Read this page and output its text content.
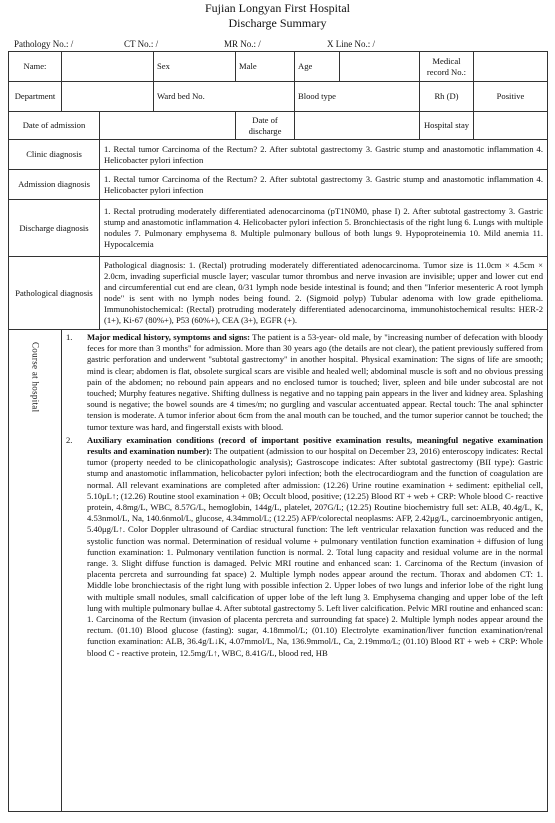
Fujian Longyan First Hospital
Discharge Summary
Pathology No.: /	CT No.: /	MR No.: /	X Line No.: /
Name:			Sex	Male	Age		Medical record No.:	
Department			Ward bed No.		Blood type		Rh (D)	Positive
Date of admission				Date of discharge			Hospital stay	
Clinic diagnosis		1. Rectal tumor Carcinoma of the Rectum? 2. After subtotal gastrectomy 3. Gastric stump and anastomotic inflammation 4. Helicobacter pylori infection						
Admission diagnosis		1. Rectal tumor Carcinoma of the Rectum? 2. After subtotal gastrectomy 3. Gastric stump and anastomotic inflammation 4. Helicobacter pylori infection						
Discharge diagnosis		1. Rectal protruding moderately differentiated adenocarcinoma (pT1N0M0, phase I) 2. After subtotal gastrectomy 3. Gastric stump and anastomotic inflammation 4. Helicobacter pylori infection 5. Bronchiectasis of the right lung 6. Lungs with multiple nodules 7. Pulmonary emphysema 8. Multiple pulmonary bullous of both lungs 9. Hypoproteinemia 10. Mild anemia 11. Hypocalcemia						
Pathological diagnosis		Pathological diagnosis: 1. (Rectal) protruding moderately differentiated adenocarcinoma. Tumor size is 11.0cm × 4.5cm × 2.0cm, invading superficial muscle layer; vascular tumor thrombus and nerve invasion are invisible; upper and lower cut end and circumferential cut end are clean, 0/31 lymph node beside intestinal is found; and then "Inferior mesenteric A root lymph node" is sent with no lymph nodes being found. 2. (Sigmoid polyp) Tubular adenoma with low grade epithelioma. Immunohistochemical: (Rectal) protruding moderately differentiated adenocarcinoma, immunohistochemical results: HER-2 (1+), Ki-67 (80%+), P53 (60%+), CEA (3+), EGFR (+).						

Course at hospital	1. Major medical history, symptoms and signs: The patient is a 53-year- old male, by "increasing number of defecation with bloody feces for more than 3 months" for admission. More than 30 years ago (the details are not clear), the patient previously suffered from gastric perforation and underwent "subtotal gastrectomy" in another hospital. Physical examination: The signs of life are smooth; mind is clear; abdomen is flat, obsolete surgical scars are visible and healed well; abdominal muscle is soft and no obvious pressing pain of the abdomen; no rebound pain appears and no enclosed tumor is touched; liver, spleen and bile under subcostal are not touched; Murphy features negative. Shifting dullness is negative and no tapping pain appears in the liver and kidney area. Splashing sound is negative; the bowel sounds are 4 times/m; no gurgling and vascular accentuated appear. Rectal touch: The anal sphincter tension is moderate. A tumor inferior about 6cm from the anal mouth can be touched, and the tumor superior cannot be touched; the tumor texture was hard, and fingerstall exists with blood.
2. Auxiliary examination conditions (record of important positive examination results, meaningful negative examination results and examination number): The outpatient (admission to our hospital on December 23, 2016) enteroscopy indicates: Rectal tumor (property needed to be clinicopathologic analysis); Gastroscope indicates: After subtotal gastrectomy (BII type): Gastric stump and anastomotic inflammation, helicobacter pylori infection; both the electrocardiogram and the function of coagulation are normal. All relevant examinations are completed after admission: (12.26) Urine routine examination + sediment: epithelial cell, 5.10μL↑; (12.26) Routine stool examination + 0B; Occult blood, positive; (12.25) Blood RT + web + CRP: Whole blood C- reactive protein, 4.8mg/L, WBC, 8.57G/L, hemoglobin, 144g/L, platelet, 207G/L; (12.25) Routine biochemistry full set: ALB, 40.4g/L, K, 4.53nmol/L, Na, 140.6nmol/L, glucose, 4.34mmol/L; (12.25) AFP/colorectal neoplasms: AFP, 2.42μg/L, carcinoembryonic antigen, 5.40μg/L↑. Color Doppler ultrasound of Cardiac structural function: The left ventricular relaxation function was reduced and the systolic function was normal. Determination of residual volume + pulmonary ventilation function examination + diffusion of lung function examination: 1. Pulmonary ventilation function is normal. 2. Total lung capacity and residual volume are in the normal range. 3. Slight diffuse function is damaged. Pelvic MRI routine and enhanced scan: 1. Carcinoma of the Rectum (invasion of placenta percreta and surrounding fat space) 2. Multiple lymph nodes appear around the rectum. Thorax and abdomen CT: 1. Middle lobe bronchiectasis of the right lung with possible infection 2. Upper lobes of two lungs and inferior lobe of the right lung with multiple small nodules, small calcification of upper lobe of the left lung 3. Emphysema changing and upper lobe of the left lung with multiple pulmonary bullae 4. After subtotal gastrectomy 5. Left liver calcification. Pelvic MRI routine and enhanced scan: 1. Carcinoma of the Rectum (invasion of placenta percreta and surrounding fat space) 2. Multiple lymph nodes appear around the rectum. (01.10) Blood glucose (fasting): sugar, 4.18mmol/L; (01.10) Electrolyte examination/liver function examination/renal function examination: ALB, 36.4g/L↓K, 4.07mmol/L, Na, 136.9mmol/L, Ca, 2.19mmo/L; (01.10) Blood RT + web + CRP: Whole blood C - reactive protein, 12.5mg/L↑, WBC, 8.41G/L, blood red, HB							
